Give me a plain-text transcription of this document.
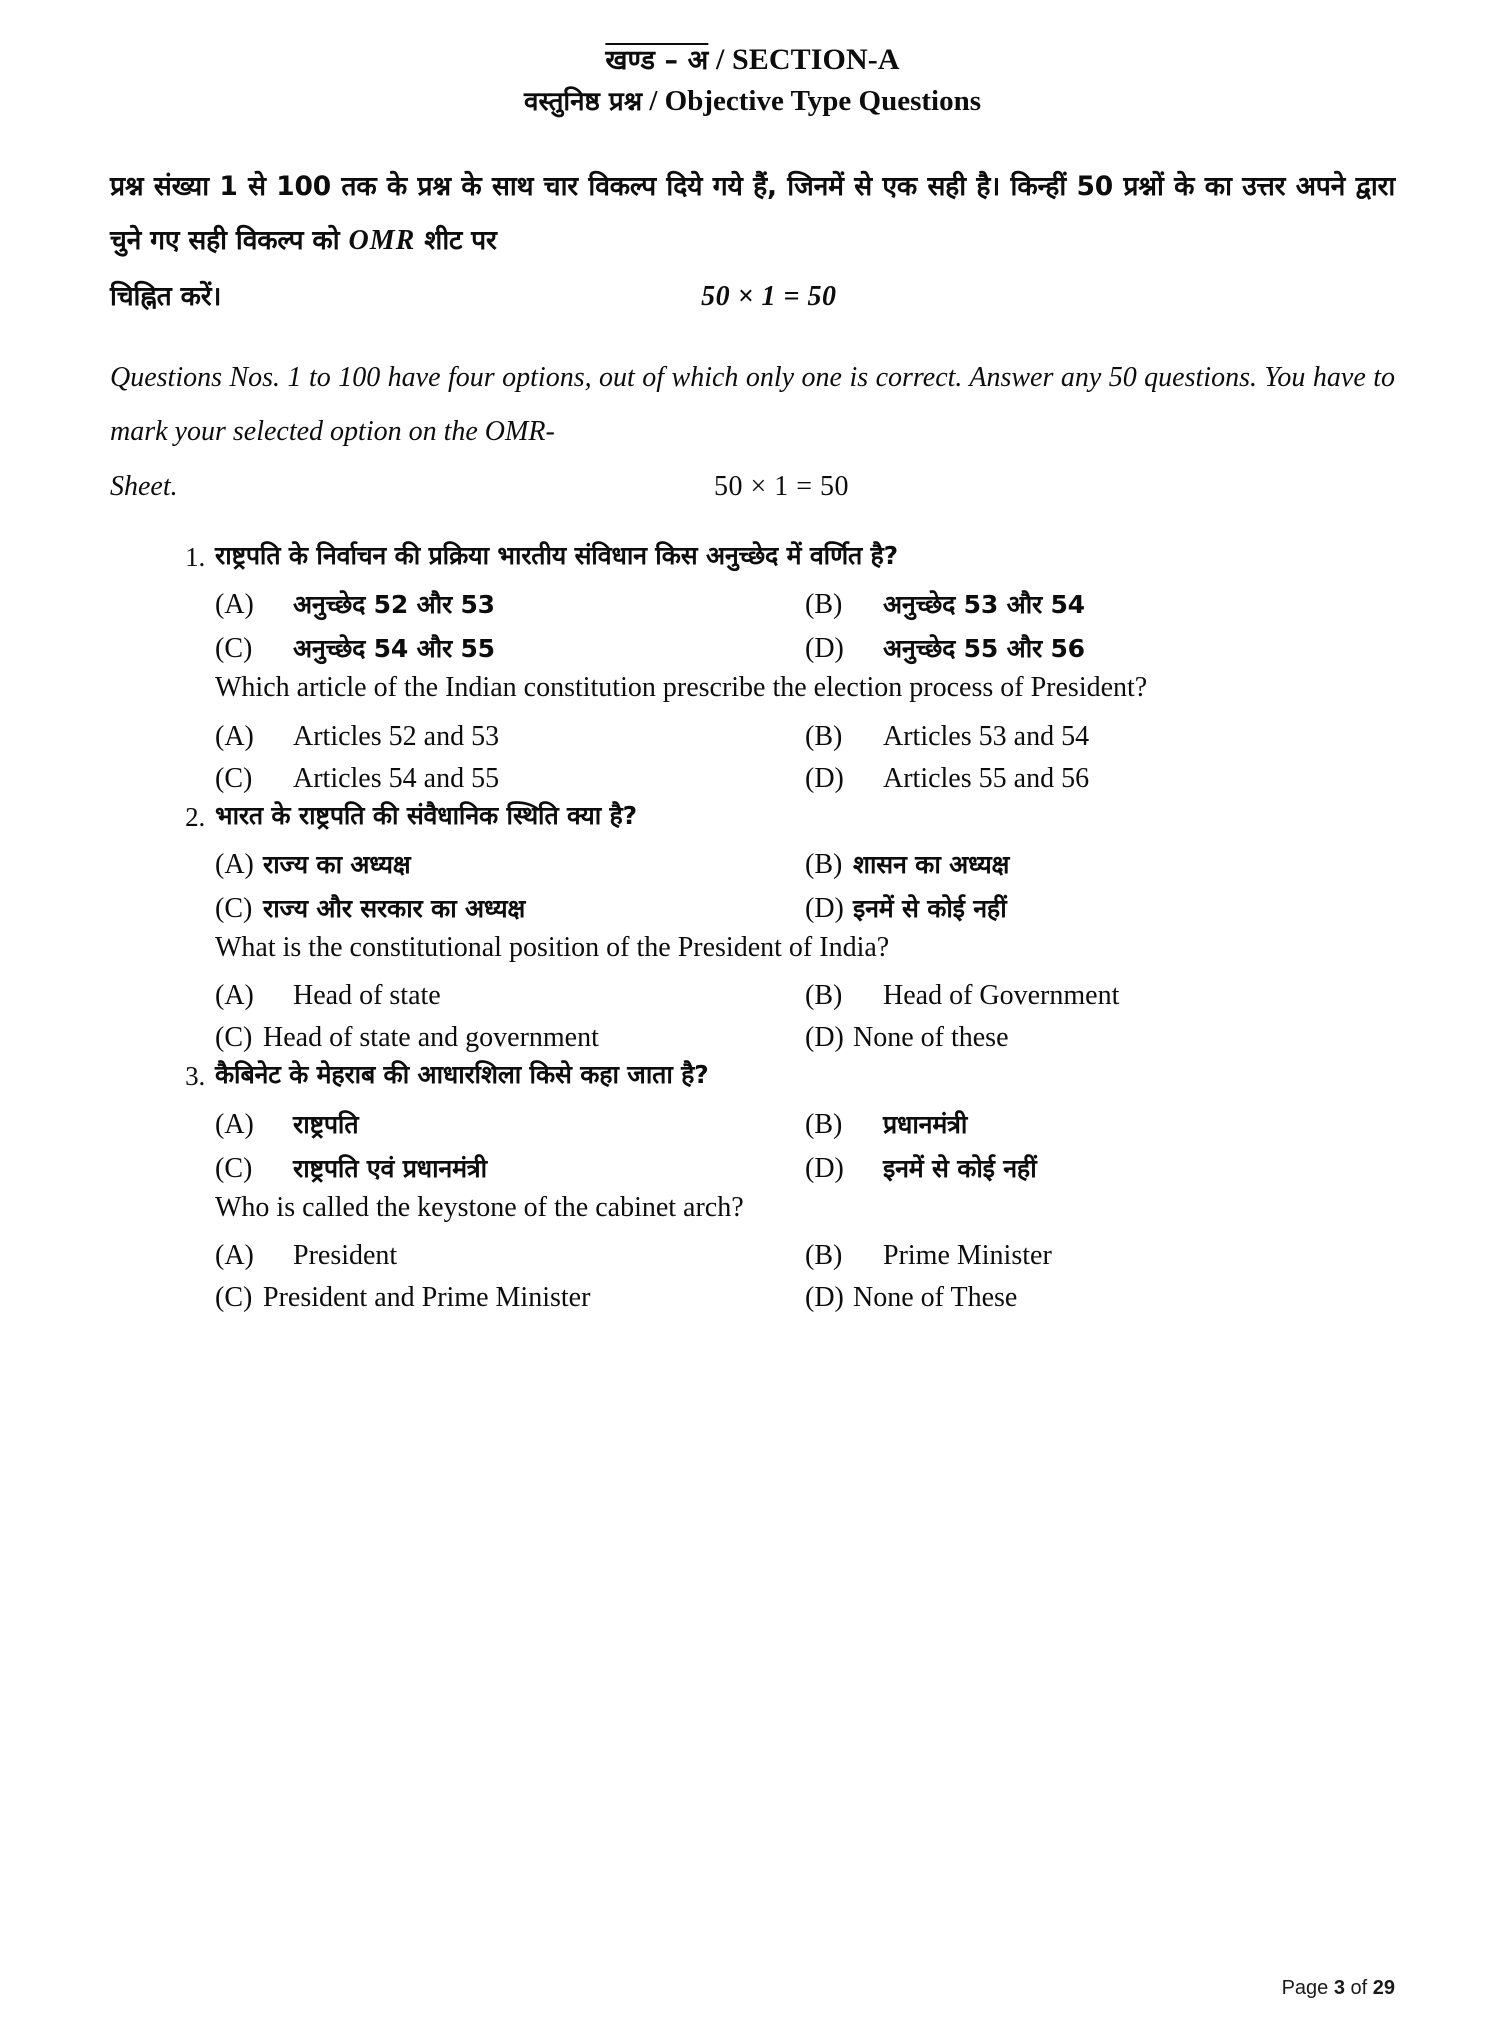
खण्ड – अ / SECTION-A
वस्तुनिष्ठ प्रश्न / Objective Type Questions
प्रश्न संख्या 1 से 100 तक के प्रश्न के साथ चार विकल्प दिये गये हैं, जिनमें से एक सही है। किन्हीं 50 प्रश्नों के का उत्तर अपने द्वारा चुने गए सही विकल्प को OMR शीट पर
चिह्नित करें।	50 × 1 = 50
Questions Nos. 1 to 100 have four options, out of which only one is correct. Answer any 50 questions. You have to mark your selected option on the OMR-
Sheet.	50 × 1 = 50
1. राष्ट्रपति के निर्वाचन की प्रक्रिया भारतीय संविधान किस अनुच्छेद में वर्णित है?
(A)	अनुच्छेद 52 और 53	(B)	अनुच्छेद 53 और 54
(C)	अनुच्छेद 54 और 55	(D)	अनुच्छेद 55 और 56
Which article of the Indian constitution prescribe the election process of President?
(A)	Articles 52 and 53	(B)	Articles 53 and 54
(C)	Articles 54 and 55	(D)	Articles 55 and 56
2. भारत के राष्ट्रपति की संवैधानिक स्थिति क्या है?
(A) राज्य का अध्यक्ष	(B) शासन का अध्यक्ष
(C) राज्य और सरकार का अध्यक्ष	(D) इनमें से कोई नहीं
What is the constitutional position of the President of India?
(A)	Head of state	(B)	Head of Government
(C) Head of state and government	(D) None of these
3. कैबिनेट के मेहराब की आधारशिला किसे कहा जाता है?
(A)	राष्ट्रपति	(B)	प्रधानमंत्री
(C)	राष्ट्रपति एवं प्रधानमंत्री	(D)	इनमें से कोई नहीं
Who is called the keystone of the cabinet arch?
(A)	President	(B)	Prime Minister
(C) President and Prime Minister	(D) None of These
Page 3 of 29
